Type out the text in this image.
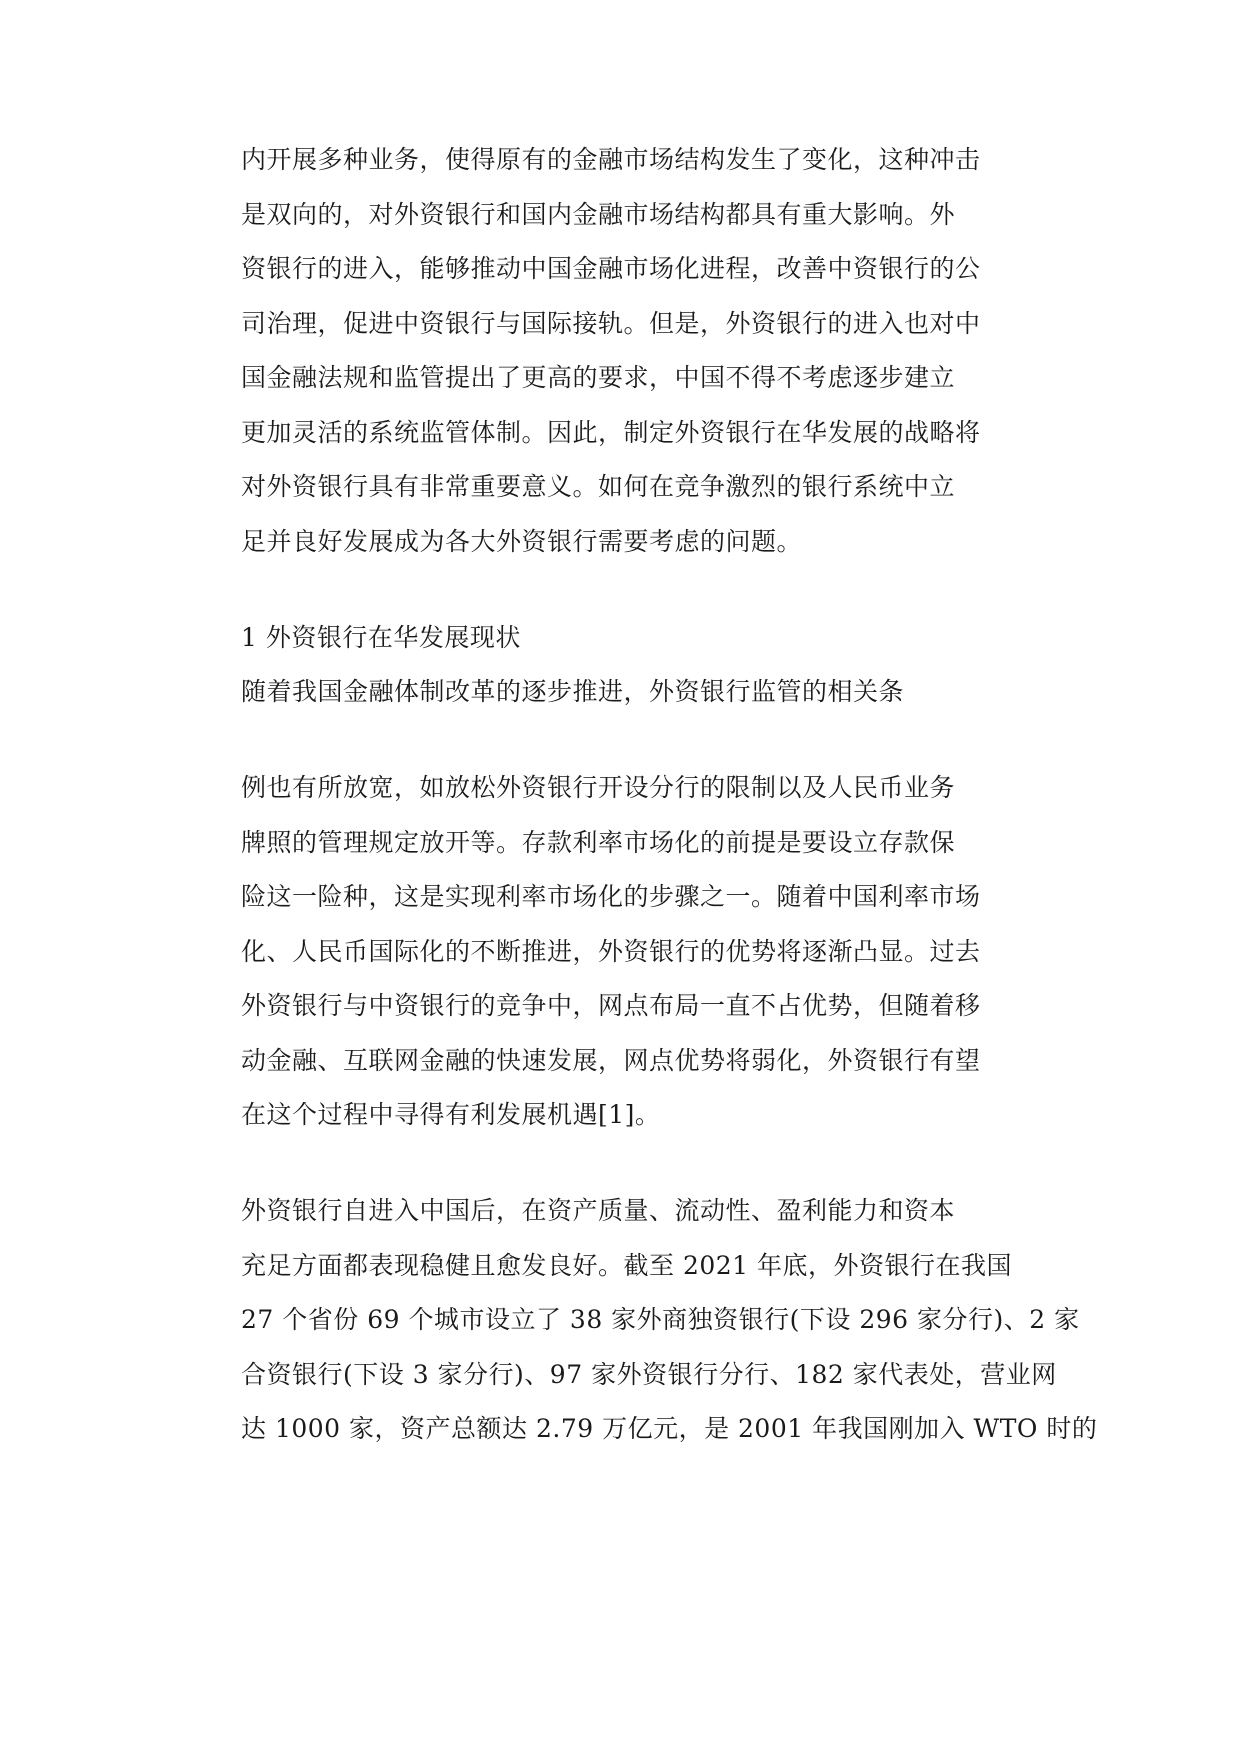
内开展多种业务，使得原有的金融市场结构发生了变化，这种冲击
是双向的，对外资银行和国内金融市场结构都具有重大影响。外
资银行的进入，能够推动中国金融市场化进程，改善中资银行的公
司治理，促进中资银行与国际接轨。但是，外资银行的进入也对中
国金融法规和监管提出了更高的要求，中国不得不考虑逐步建立
更加灵活的系统监管体制。因此，制定外资银行在华发展的战略将
对外资银行具有非常重要意义。如何在竞争激烈的银行系统中立
足并良好发展成为各大外资银行需要考虑的问题。
1 外资银行在华发展现状
随着我国金融体制改革的逐步推进，外资银行监管的相关条
例也有所放宽，如放松外资银行开设分行的限制以及人民币业务
牌照的管理规定放开等。存款利率市场化的前提是要设立存款保
险这一险种，这是实现利率市场化的步骤之一。随着中国利率市场
化、人民币国际化的不断推进，外资银行的优势将逐渐凸显。过去
外资银行与中资银行的竞争中，网点布局一直不占优势，但随着移
动金融、互联网金融的快速发展，网点优势将弱化，外资银行有望
在这个过程中寻得有利发展机遇[1]。
外资银行自进入中国后，在资产质量、流动性、盈利能力和资本
充足方面都表现稳健且愈发良好。截至 2021 年底，外资银行在我国
27 个省份 69 个城市设立了 38 家外商独资银行(下设 296 家分行)、2 家
合资银行(下设 3 家分行)、97 家外资银行分行、182 家代表处，营业网
达 1000 家，资产总额达 2.79 万亿元，是 2001 年我国刚加入 WTO 时的
